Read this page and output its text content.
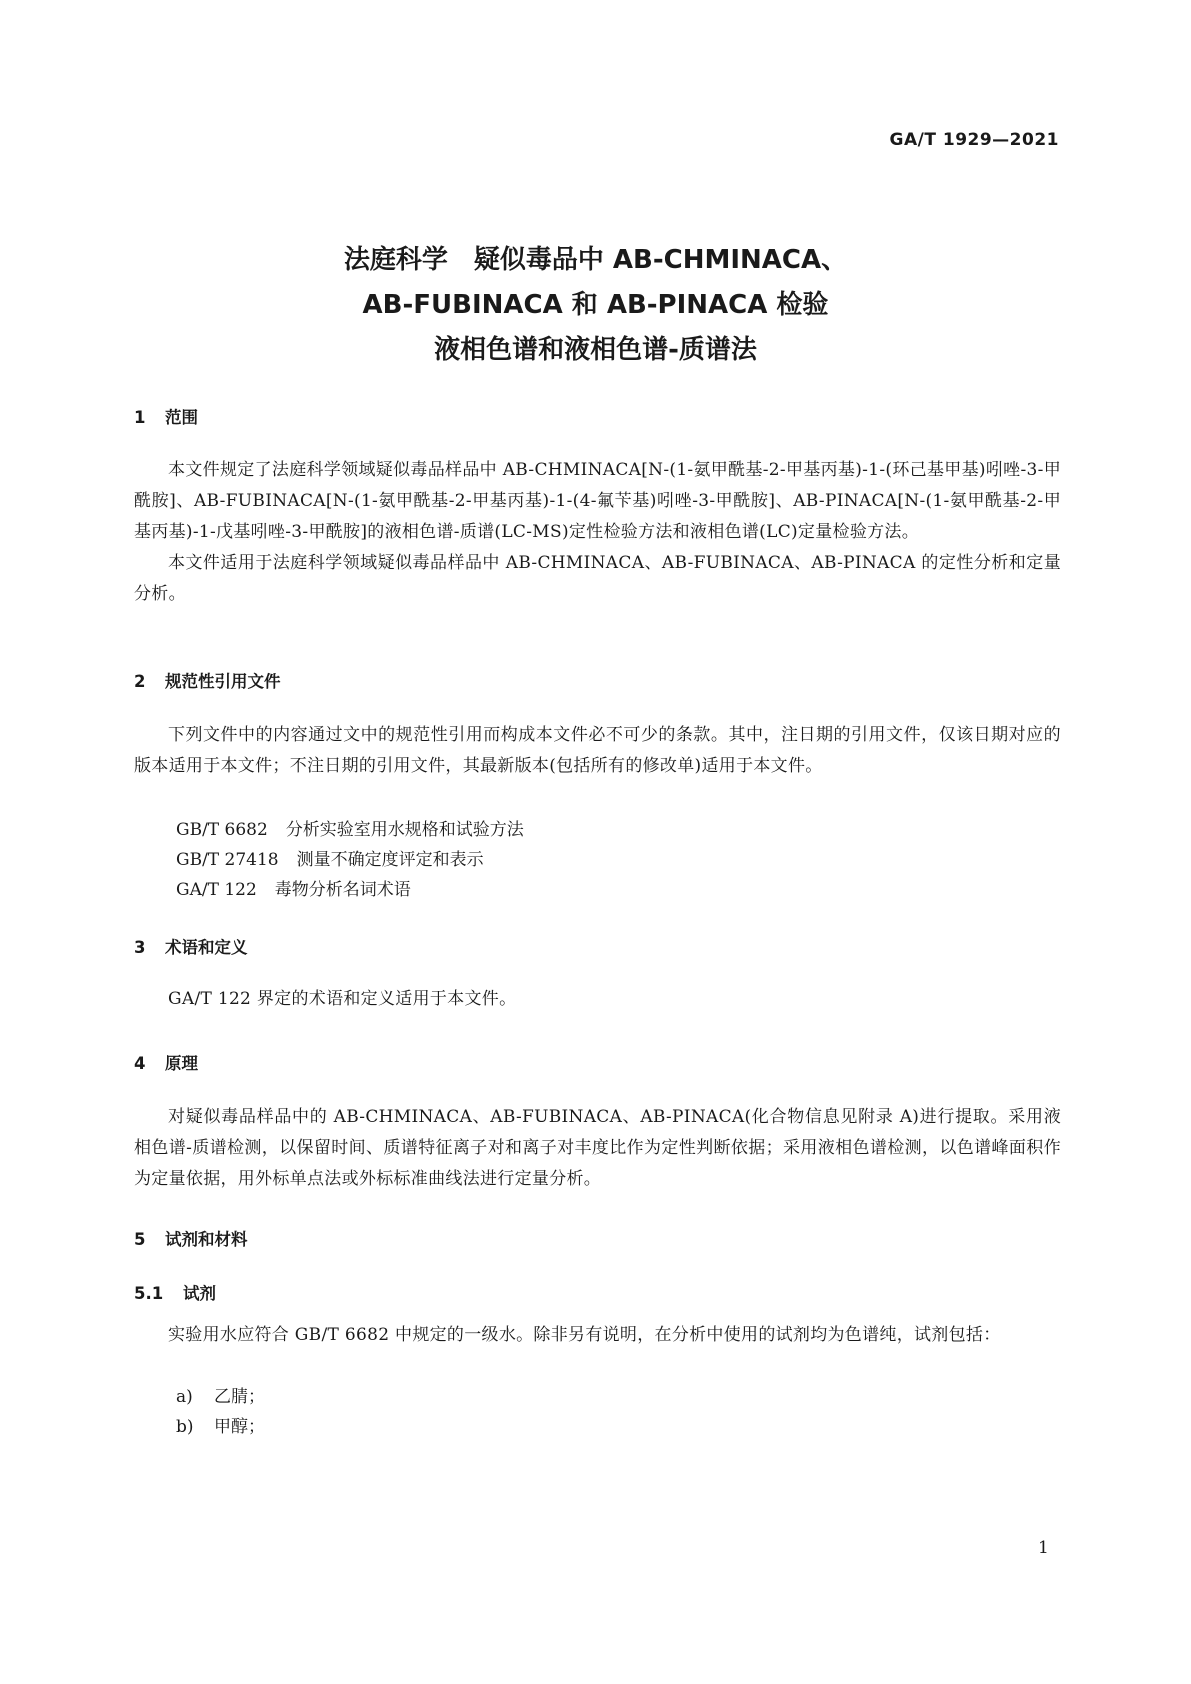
GA/T 1929—2021
法庭科学　疑似毒品中 AB-CHMINACA、
AB-FUBINACA 和 AB-PINACA 检验
液相色谱和液相色谱-质谱法
1 范围

本文件规定了法庭科学领域疑似毒品样品中 AB-CHMINACA[N-(1-氨甲酰基-2-甲基丙基)-1-(环己基甲基)吲唑-3-甲酰胺]、AB-FUBINACA[N-(1-氨甲酰基-2-甲基丙基)-1-(4-氟苄基)吲唑-3-甲酰胺]、AB-PINACA[N-(1-氨甲酰基-2-甲基丙基)-1-戊基吲唑-3-甲酰胺]的液相色谱-质谱(LC-MS)定性检验方法和液相色谱(LC)定量检验方法。

本文件适用于法庭科学领域疑似毒品样品中 AB-CHMINACA、AB-FUBINACA、AB-PINACA 的定性分析和定量分析。

2 规范性引用文件

下列文件中的内容通过文中的规范性引用而构成本文件必不可少的条款。其中，注日期的引用文件，仅该日期对应的版本适用于本文件；不注日期的引用文件，其最新版本(包括所有的修改单)适用于本文件。

GB/T 6682 分析实验室用水规格和试验方法
GB/T 27418 测量不确定度评定和表示
GA/T 122 毒物分析名词术语
3 术语和定义

GA/T 122 界定的术语和定义适用于本文件。

4 原理

对疑似毒品样品中的 AB-CHMINACA、AB-FUBINACA、AB-PINACA(化合物信息见附录 A)进行提取。采用液相色谱-质谱检测，以保留时间、质谱特征离子对和离子对丰度比作为定性判断依据；采用液相色谱检测，以色谱峰面积作为定量依据，用外标单点法或外标标准曲线法进行定量分析。

5 试剂和材料
5.1 试剂

实验用水应符合 GB/T 6682 中规定的一级水。除非另有说明，在分析中使用的试剂均为色谱纯，试剂包括：

a) 乙腈；
b) 甲醇；
1
